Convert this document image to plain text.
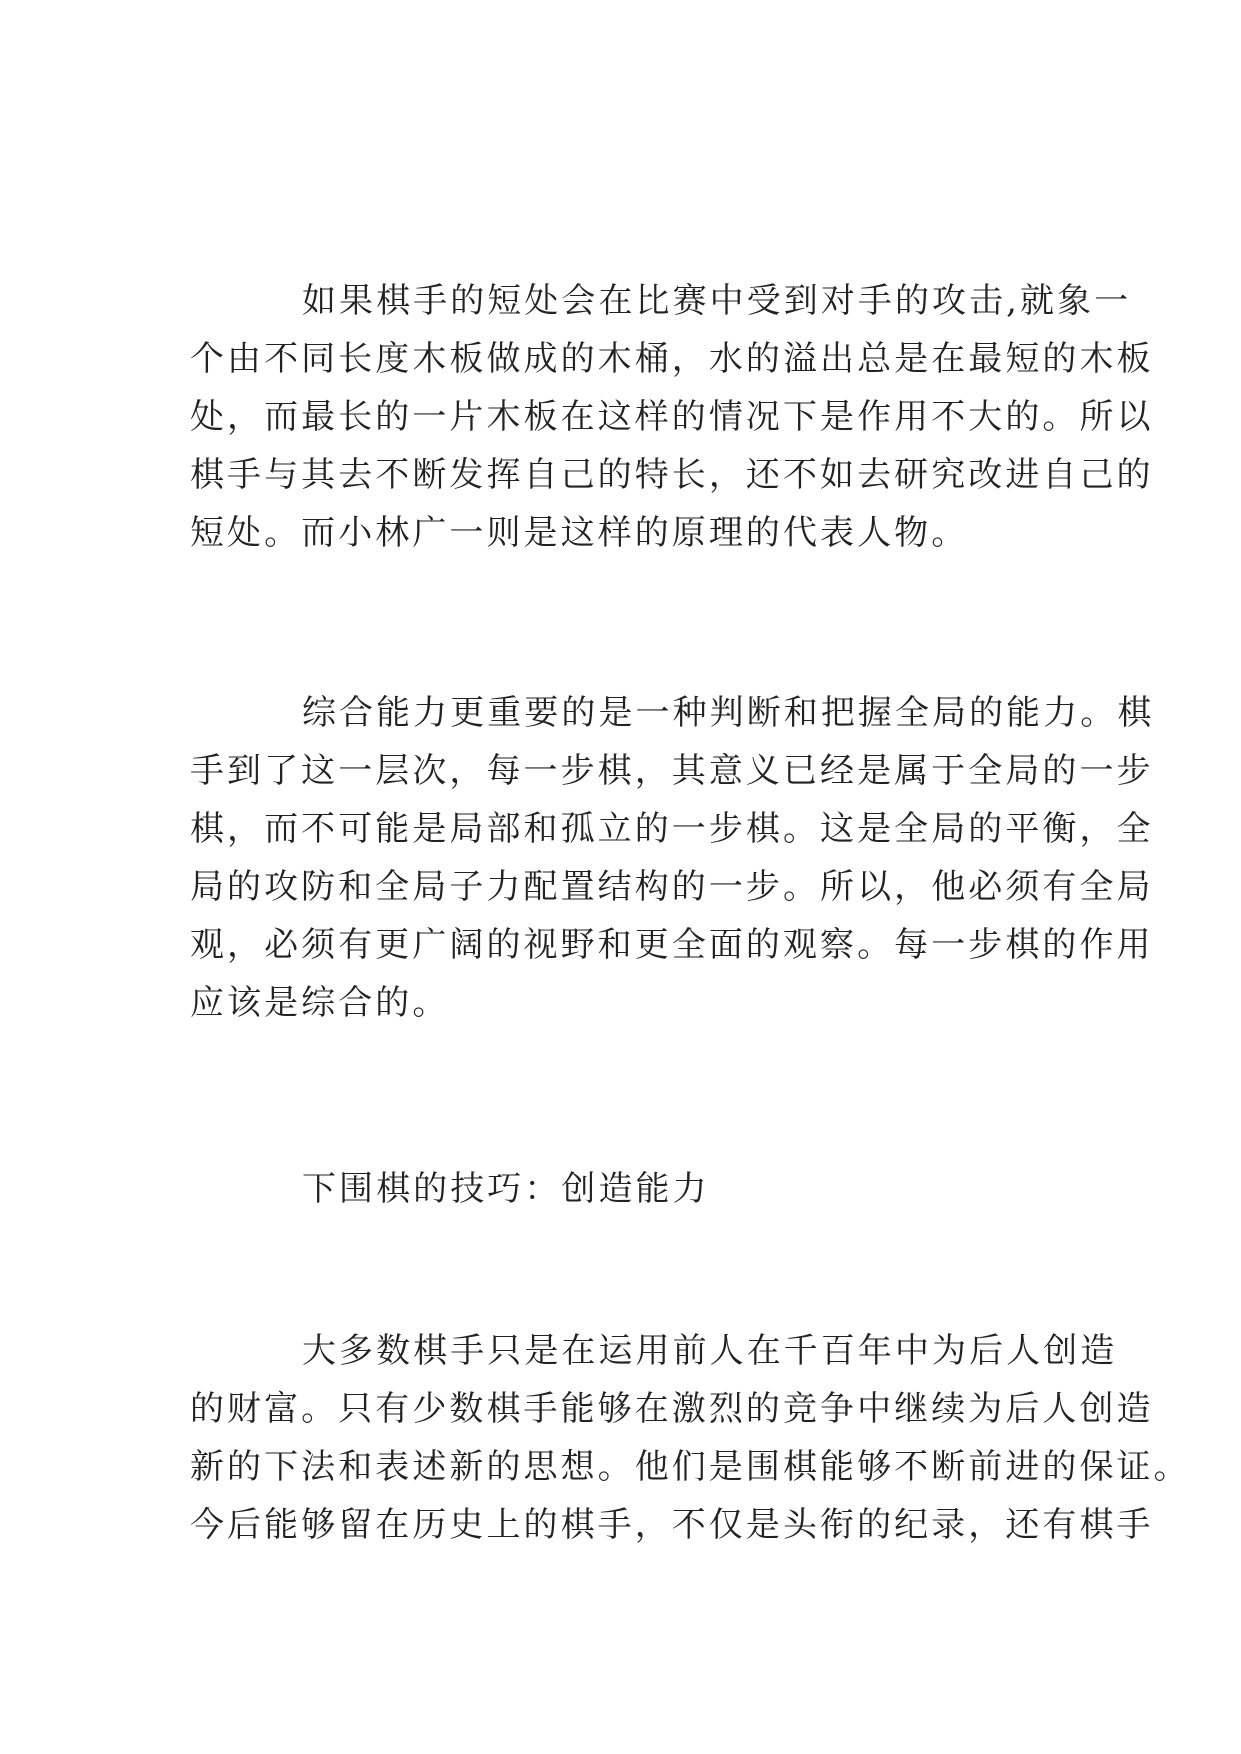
如果棋手的短处会在比赛中受到对手的攻击,就象一
个由不同长度木板做成的木桶，水的溢出总是在最短的木板
处，而最长的一片木板在这样的情况下是作用不大的。所以
棋手与其去不断发挥自己的特长，还不如去研究改进自己的
短处。而小林广一则是这样的原理的代表人物。
综合能力更重要的是一种判断和把握全局的能力。棋
手到了这一层次，每一步棋，其意义已经是属于全局的一步
棋，而不可能是局部和孤立的一步棋。这是全局的平衡，全
局的攻防和全局子力配置结构的一步。所以，他必须有全局
观，必须有更广阔的视野和更全面的观察。每一步棋的作用
应该是综合的。
下围棋的技巧：创造能力
大多数棋手只是在运用前人在千百年中为后人创造
的财富。只有少数棋手能够在激烈的竞争中继续为后人创造
新的下法和表述新的思想。他们是围棋能够不断前进的保证。
今后能够留在历史上的棋手，不仅是头衔的纪录，还有棋手
